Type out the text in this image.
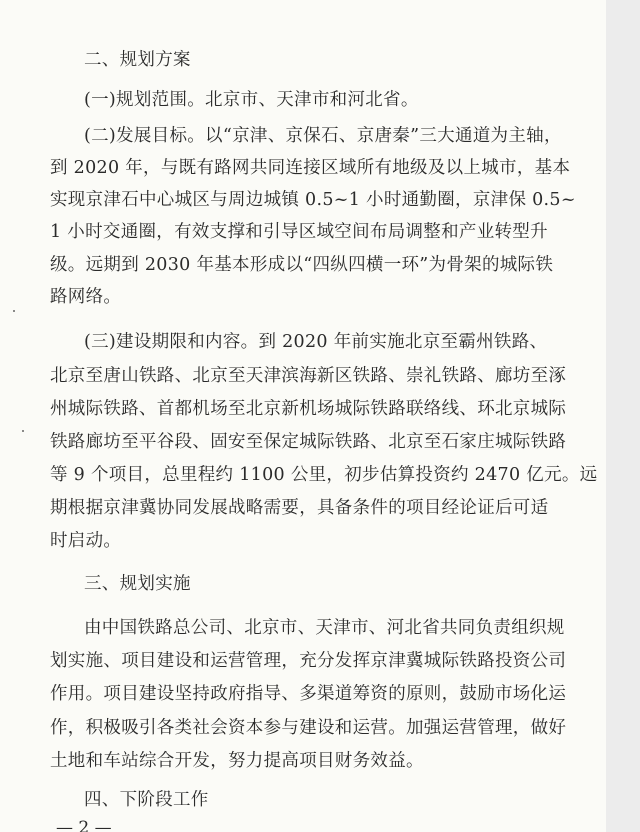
二、规划方案
(一)规划范围。北京市、天津市和河北省。
(二)发展目标。以“京津、京保石、京唐秦”三大通道为主轴，
到 2020 年，与既有路网共同连接区域所有地级及以上城市，基本
实现京津石中心城区与周边城镇 0.5~1 小时通勤圈，京津保 0.5~
1 小时交通圈，有效支撑和引导区域空间布局调整和产业转型升
级。远期到 2030 年基本形成以“四纵四横一环”为骨架的城际铁
路网络。
(三)建设期限和内容。到 2020 年前实施北京至霸州铁路、
北京至唐山铁路、北京至天津滨海新区铁路、崇礼铁路、廊坊至涿
州城际铁路、首都机场至北京新机场城际铁路联络线、环北京城际
铁路廊坊至平谷段、固安至保定城际铁路、北京至石家庄城际铁路
等 9 个项目，总里程约 1100 公里，初步估算投资约 2470 亿元。远
期根据京津冀协同发展战略需要，具备条件的项目经论证后可适
时启动。
三、规划实施
由中国铁路总公司、北京市、天津市、河北省共同负责组织规
划实施、项目建设和运营管理，充分发挥京津冀城际铁路投资公司
作用。项目建设坚持政府指导、多渠道筹资的原则，鼓励市场化运
作，积极吸引各类社会资本参与建设和运营。加强运营管理，做好
土地和车站综合开发，努力提高项目财务效益。
四、下阶段工作
— 2 —
